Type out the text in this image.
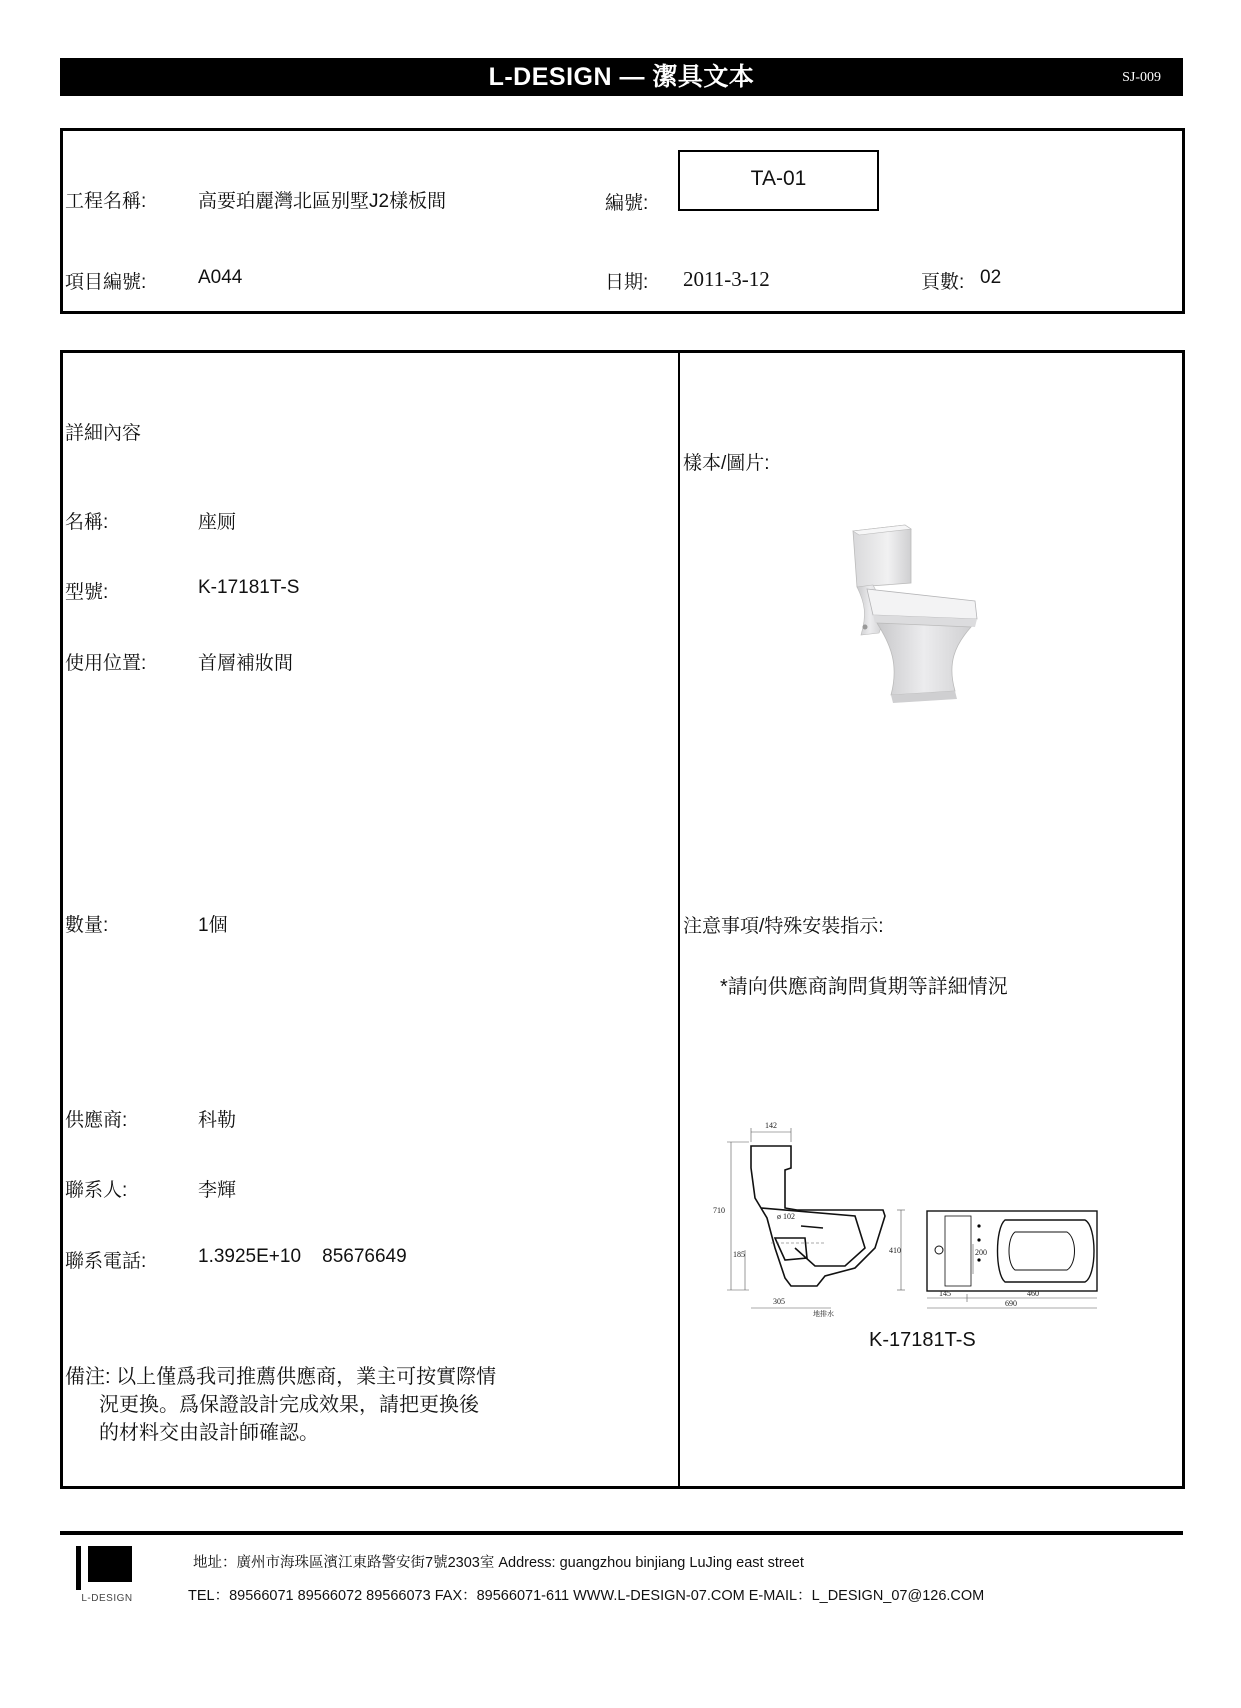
L-DESIGN — 潔具文本	SJ-009
工程名稱:	高要珀麗灣北區别墅J2樣板間	編號:
TA-01
項目編號:	A044	日期: 2011-3-12	頁數: 02
詳細內容
名稱:	座厕
型號:	K-17181T-S
使用位置:	首層補妝間
數量:	1個
供應商:	科勒
聯系人:	李輝
聯系電話:	1.3925E+10    85676649
備注: 以上僅爲我司推薦供應商，業主可按實際情
況更換。爲保證設計完成效果，請把更換後
的材料交由設計師確認。
樣本/圖片:
注意事項/特殊安裝指示:
*請向供應商詢問貨期等詳細情況
142
710
ø 102
410
185
305
地排水
200
145	460
690
K-17181T-S
L-DESIGN
地址：廣州市海珠區濱江東路警安街7號2303室 Address: guangzhou binjiang LuJing east street
TEL：89566071 89566072 89566073 FAX：89566071-611 WWW.L-DESIGN-07.COM E-MAIL：L_DESIGN_07@126.COM
